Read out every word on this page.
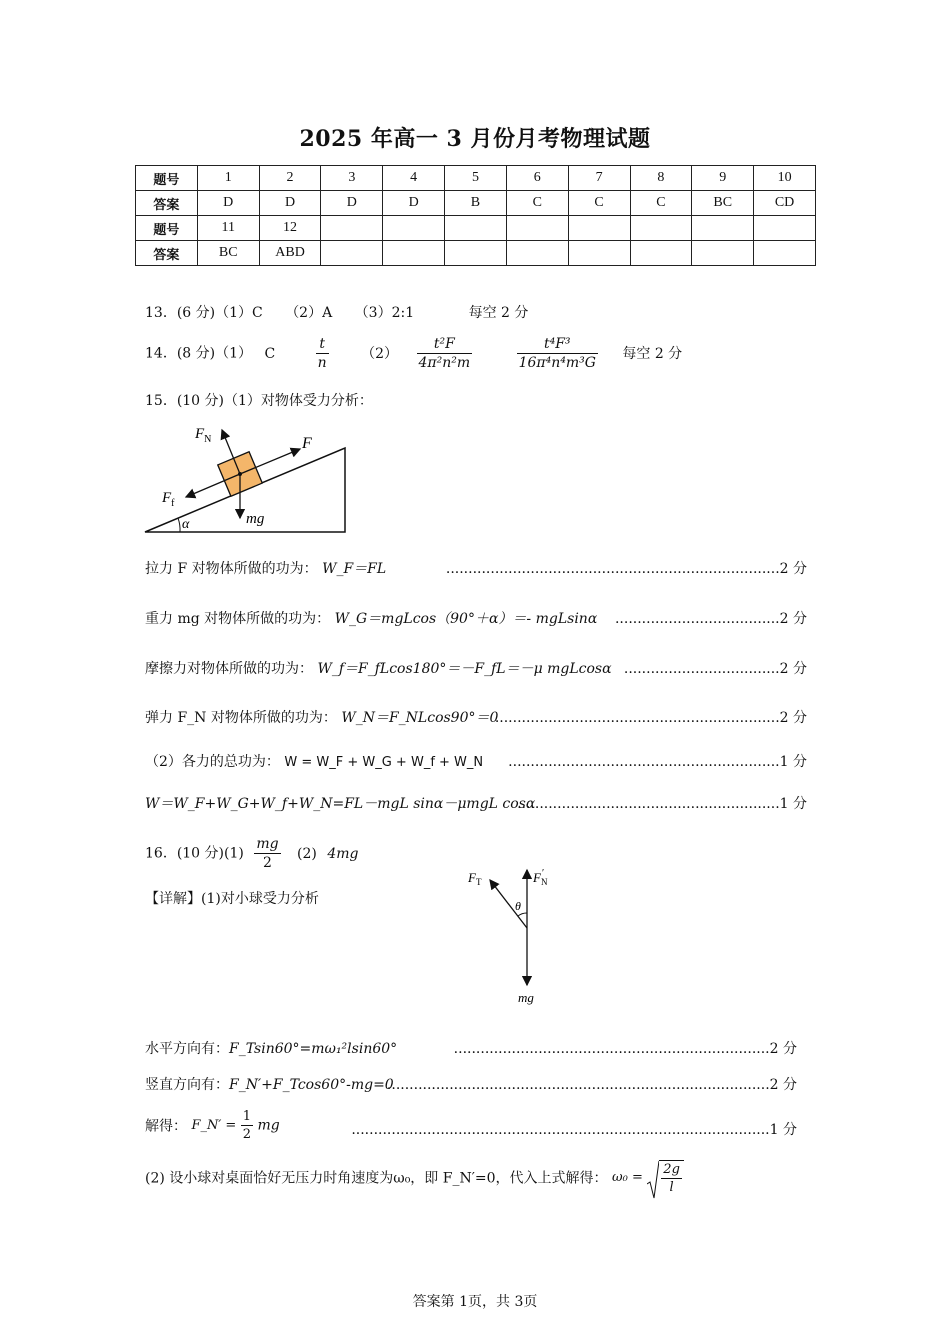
2025 年高一 3 月份月考物理试题
题号	1	2	3	4	5	6	7	8	9	10
答案	D	D	D	D	B	C	C	C	BC	CD
题号	11	12								
答案	BC	ABD								
13．(6 分)（1）C （2）A （3）2:1	每空 2 分
14．(8 分)（1） C	$\frac{t}{n} (2) \frac{\text{t²F}}{\text{4π²n²m}}$
	$\frac{\text{t⁴F³}}{\text{16π⁴n⁴m³G}}$ 每空 2 分
15．(10 分)（1）对物体受力分析：
$F_N$	F
$F_f$
mg
α
拉力 F 对物体所做的功为： W_F＝FL	...........................................................................2 分
重力 mg 对物体所做的功为： W_G＝mgLcos（90°＋α）＝- mgLsinα .....................................2 分
摩擦力对物体所做的功为： W_f＝F_fLcos180°＝－F_fL＝－μ mgLcosα ...................................2 分
弹力 F_N 对物体所做的功为： W_N＝F_NLcos90°＝0
................................................................2 分
（2）各力的总功为： W = W_F + W_G + W_f + W_N .............................................................1 分
W＝W_F+W_G+W_f+W_N=FL－mgL sinα－μmgL cosα
...........................................................1 分
16．(10 分)$(1) \frac{mg}{2} (2)$ 4mg
【详解】(1)对小球受力分析
$F_T$	$F_N$
′
θ
mg
水平方向有：F_Tsin60°=mω₁²lsin60°	.......................................................................2 分
竖直方向有：F_N′+F_Tcos60°-mg=0
......................................................................................2 分
解得： F_N′ = $\frac{1}{2}$ mg	..............................................................................................1 分
(2) 设小球对桌面恰好无压力时角速度为ω₀，即 F_N′=0，代入上式解得： $\omega_0 = \frac{2g}{l}$
答案第 1页，共 3页
